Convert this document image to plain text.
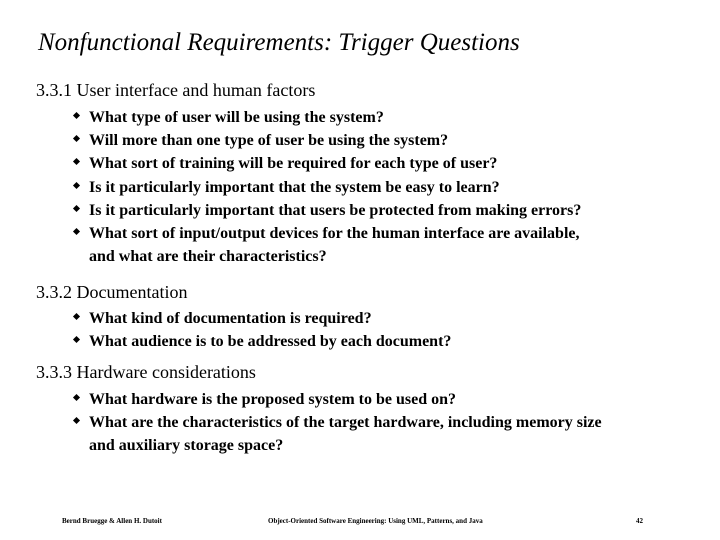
Nonfunctional Requirements: Trigger Questions
3.3.1 User interface and human factors
What type of user will be using the system?
Will more than one type of user be using the system?
What sort of training will be required for each type of user?
Is it particularly important that the system be easy to learn?
Is it particularly important that users be protected from making errors?
What sort of input/output devices for the human interface are available,
and what are their characteristics?
3.3.2 Documentation
What kind of documentation is required?
What audience is to be addressed by each document?
3.3.3 Hardware considerations
What hardware is the proposed system to be used on?
What are the characteristics of the target hardware, including memory size
and auxiliary storage space?
Bernd Bruegge & Allen H. Dutoit	Object-Oriented Software Engineering: Using UML, Patterns, and Java	42
